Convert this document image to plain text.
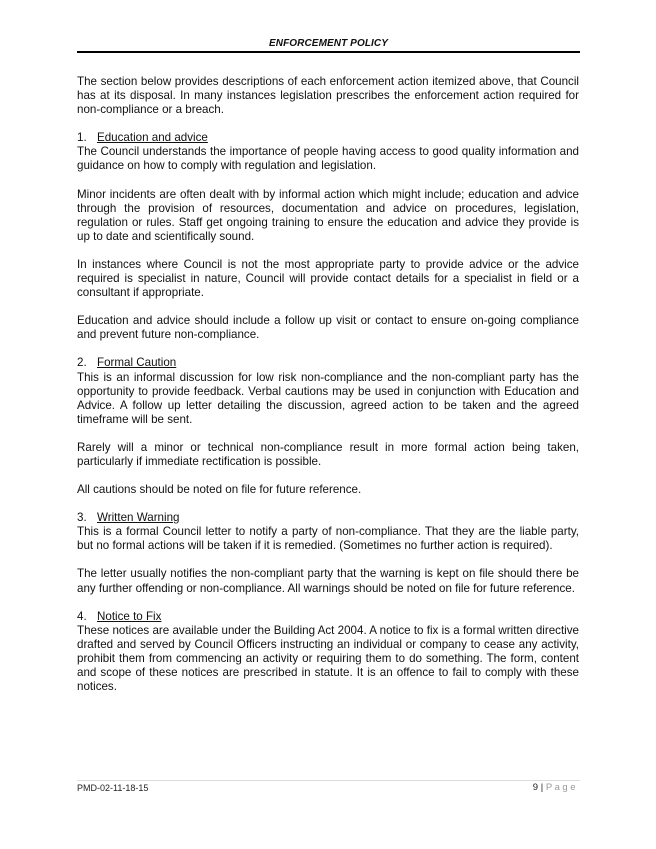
ENFORCEMENT POLICY

The section below provides descriptions of each enforcement action itemized above, that Council has at its disposal. In many instances legislation prescribes the enforcement action required for non-compliance or a breach.

1. Education and advice

The Council understands the importance of people having access to good quality information and guidance on how to comply with regulation and legislation.

Minor incidents are often dealt with by informal action which might include; education and advice through the provision of resources, documentation and advice on procedures, legislation, regulation or rules. Staff get ongoing training to ensure the education and advice they provide is up to date and scientifically sound.

In instances where Council is not the most appropriate party to provide advice or the advice required is specialist in nature, Council will provide contact details for a specialist in field or a consultant if appropriate.

Education and advice should include a follow up visit or contact to ensure on-going compliance and prevent future non-compliance.

2. Formal Caution

This is an informal discussion for low risk non-compliance and the non-compliant party has the opportunity to provide feedback. Verbal cautions may be used in conjunction with Education and Advice. A follow up letter detailing the discussion, agreed action to be taken and the agreed timeframe will be sent.

Rarely will a minor or technical non-compliance result in more formal action being taken, particularly if immediate rectification is possible.

All cautions should be noted on file for future reference.

3. Written Warning

This is a formal Council letter to notify a party of non-compliance. That they are the liable party, but no formal actions will be taken if it is remedied. (Sometimes no further action is required).

The letter usually notifies the non-compliant party that the warning is kept on file should there be any further offending or non-compliance. All warnings should be noted on file for future reference.

4. Notice to Fix

These notices are available under the Building Act 2004. A notice to fix is a formal written directive drafted and served by Council Officers instructing an individual or company to cease any activity, prohibit them from commencing an activity or requiring them to do something. The form, content and scope of these notices are prescribed in statute. It is an offence to fail to comply with these notices.

PMD-02-11-18-15	9 | Page
